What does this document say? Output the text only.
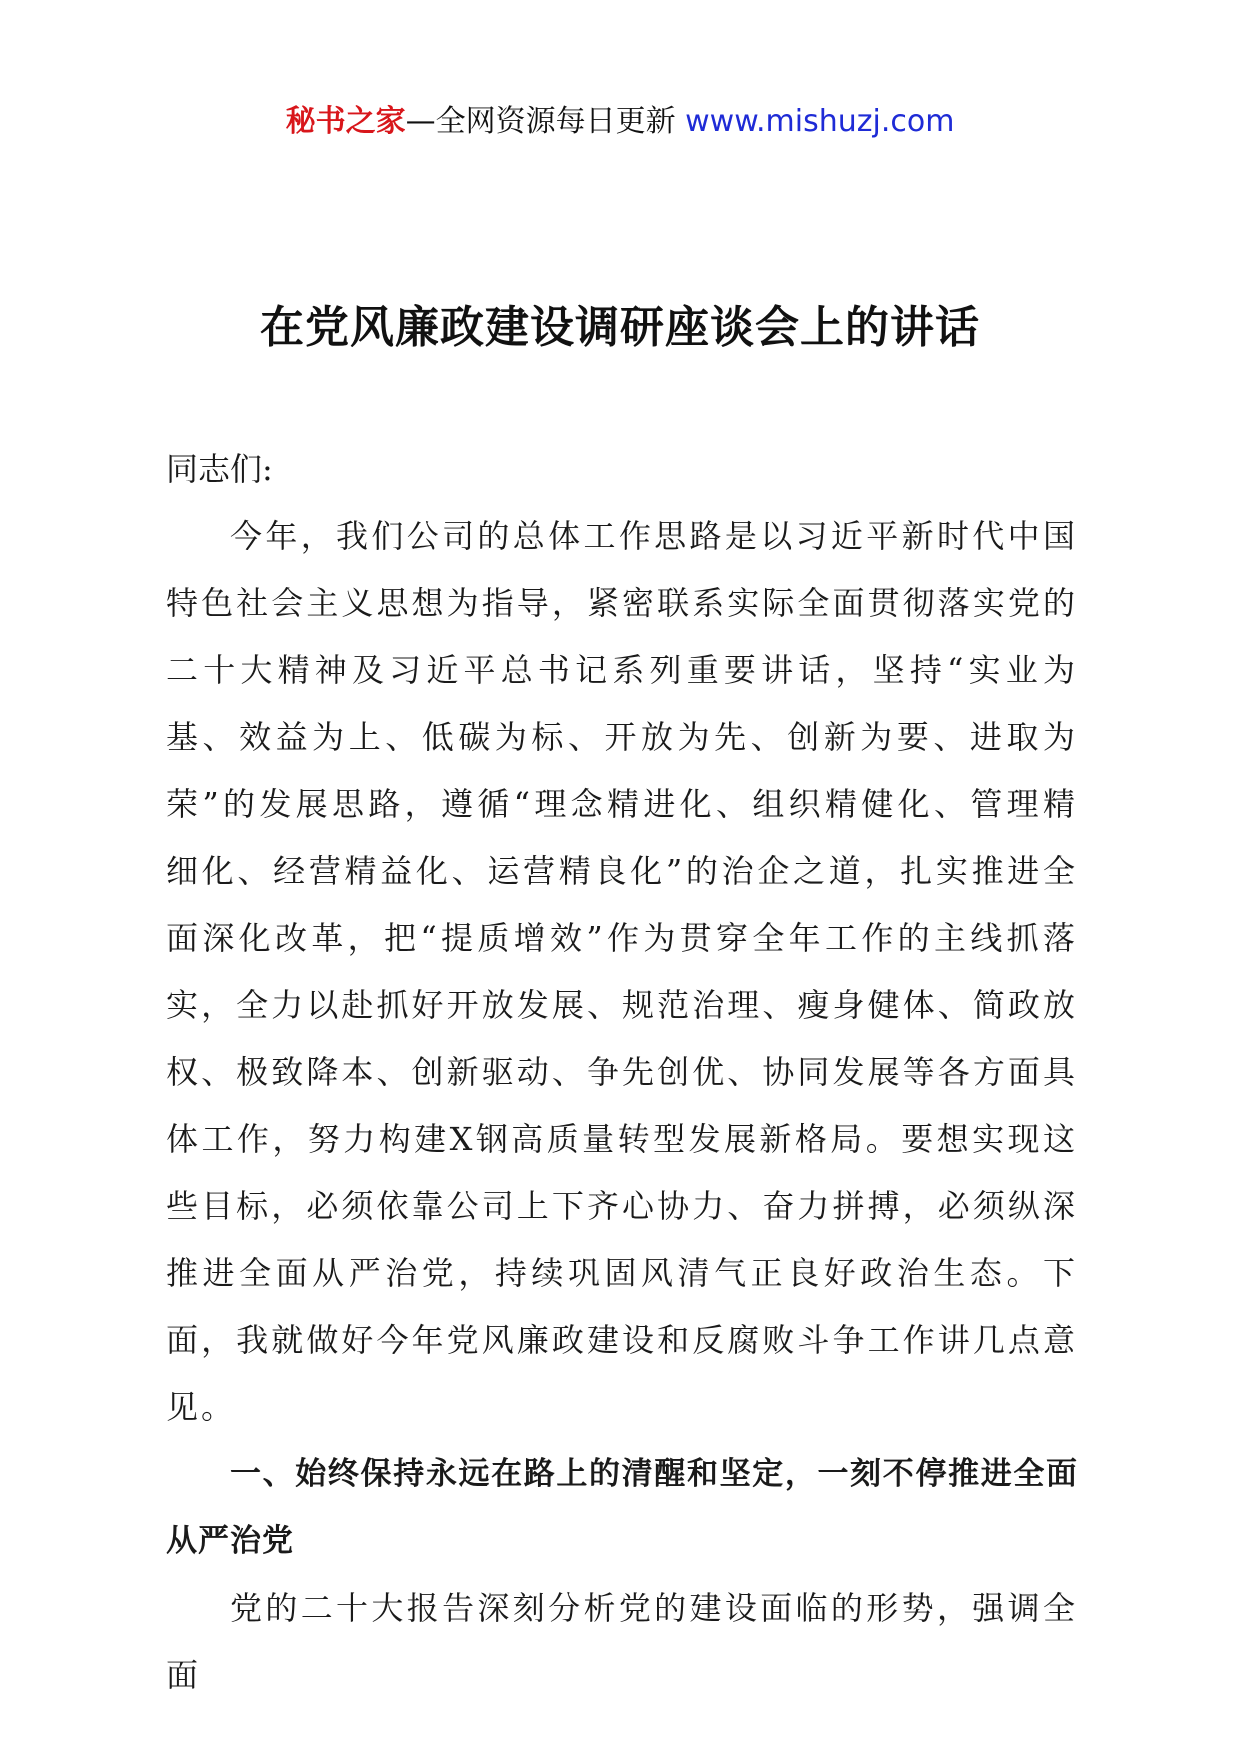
秘书之家—全网资源每日更新 www.mishuzj.com
在党风廉政建设调研座谈会上的讲话

同志们:

今年，我们公司的总体工作思路是以习近平新时代中国特色社会主义思想为指导，紧密联系实际全面贯彻落实党的二十大精神及习近平总书记系列重要讲话，坚持“实业为基、效益为上、低碳为标、开放为先、创新为要、进取为荣”的发展思路，遵循“理念精进化、组织精健化、管理精细化、经营精益化、运营精良化”的治企之道，扎实推进全面深化改革，把“提质增效”作为贯穿全年工作的主线抓落实，全力以赴抓好开放发展、规范治理、瘦身健体、简政放权、极致降本、创新驱动、争先创优、协同发展等各方面具体工作，努力构建X钢高质量转型发展新格局。要想实现这些目标，必须依靠公司上下齐心协力、奋力拼搏，必须纵深推进全面从严治党，持续巩固风清气正良好政治生态。下面，我就做好今年党风廉政建设和反腐败斗争工作讲几点意见。

一、始终保持永远在路上的清醒和坚定，一刻不停推进全面从严治党

党的二十大报告深刻分析党的建设面临的形势，强调全面
